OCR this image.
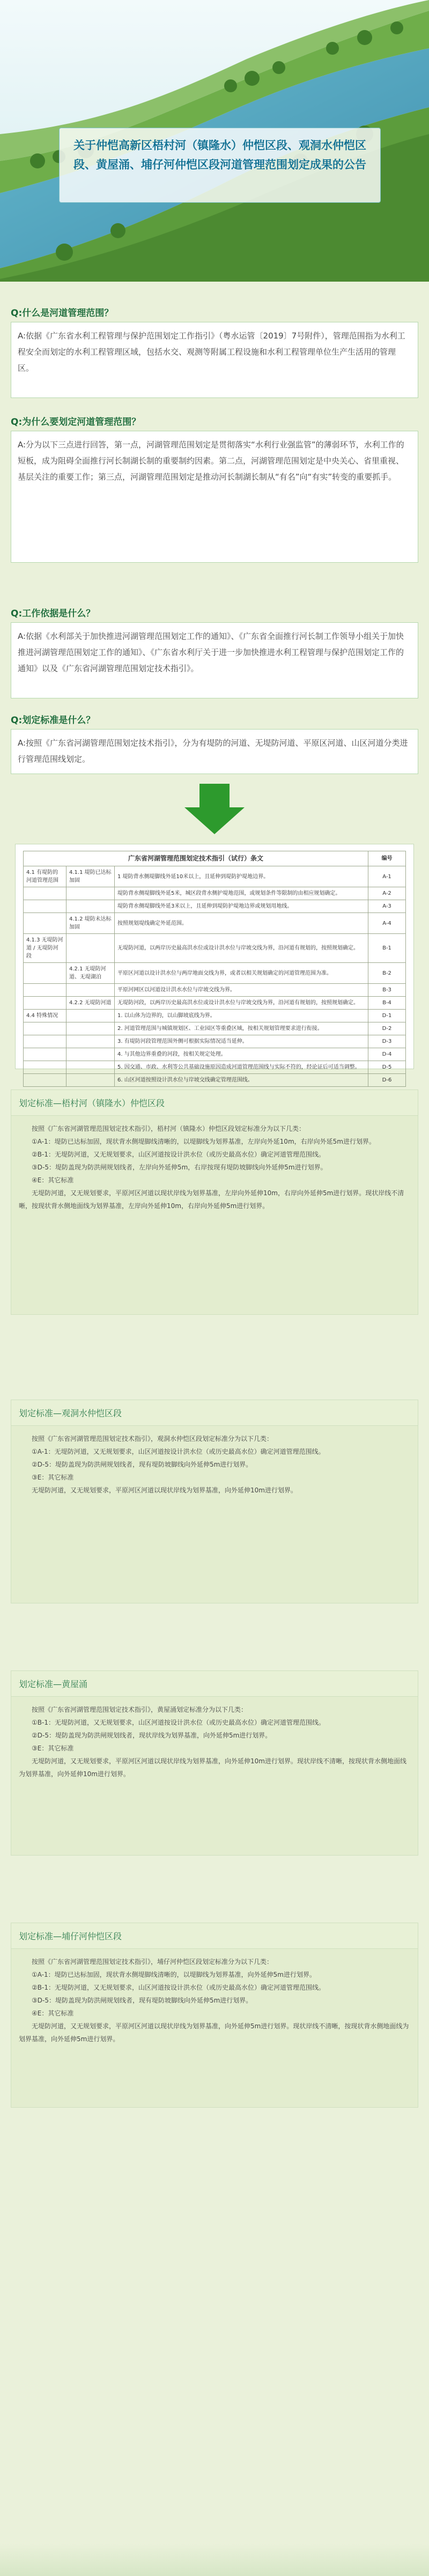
关于仲恺高新区梧村河（镇隆水）仲恺区段、观洞水仲恺区段、黄屋涌、埔仔河仲恺区段河道管理范围划定成果的公告
Q:什么是河道管理范围？
A:依据《广东省水利工程管理与保护范围划定工作指引》（粤水运管〔2019〕7号附件），管理范围指为水利工程安全而划定的水利工程管理区域，包括水交、观测等附属工程设施和水利工程管理单位生产生活用的管理区。
Q:为什么要划定河道管理范围？
A:分为以下三点进行回答，第一点，河湖管理范围划定是贯彻落实“水利行业强监管”的薄弱环节，水利工作的短板，成为阻碍全面推行河长制湖长制的重要制约因素。第二点，河湖管理范围划定是中央关心、省里重视、基层关注的重要工作；第三点，河湖管理范围划定是推动河长制湖长制从“有名”向“有实”转变的重要抓手。
Q:工作依据是什么？
A:依据《水利部关于加快推进河湖管理范围划定工作的通知》、《广东省全面推行河长制工作领导小组关于加快推进河湖管理范围划定工作的通知》、《广东省水利厅关于进一步加快推进水利工程管理与保护范围划定工作的通知》以及《广东省河湖管理范围划定技术指引》。
Q:划定标准是什么？
A:按照《广东省河湖管理范围划定技术指引》，分为有堤防的河道、无堤防河道、平原区河道、山区河道分类进行管理范围线划定。
广东省河湖管理范围划定技术指引（试行）条文			编号
4.1 有堤防的河道管理范围	4.1.1 堤防已达标加固	1 堤防背水侧堤脚线外延10米以上，且延伸到堤防护堤地边界。	A-1
		堤防背水侧堤脚线外延5米，城区段背水侧护堤地范围，或规划条件等限制的由相应规划确定。	A-2
		堤防背水侧堤脚线外延3米以上，且延伸到堤防护堤地边界或规划用地线。	A-3
	4.1.2 堤防未达标加固	按照规划堤线确定外延范围。	A-4
4.1.3 无堤防河道 / 无堤防河段		无堤防河道，以两岸历史最高洪水位或设计洪水位与岸坡交线为界，沿河道有规划的，按照规划确定。	B-1
	4.2.1 无堤防河道、无堤湖泊	平原区河道以设计洪水位与两岸地面交线为界，或者以相关规划确定的河道管理范围为准。	B-2
		平原河网区以河道设计洪水水位与岸坡交线为界。	B-3
	4.2.2 无堤防河道	无堤防河段，以两岸历史最高洪水位或设计洪水位与岸坡交线为界，沿河道有规划的，按照规划确定。	B-4
4.4 特殊情况		1. 以山体为边界的，以山脚坡底线为界。	D-1
		2. 河道管理范围与城镇规划区、工业园区等重叠区域，按相关规划管理要求进行衔接。	D-2
		3. 有堤防河段管理范围外侧可根据实际情况适当延伸。	D-3
		4. 与其他边界重叠的河段，按相关规定处理。	D-4
		5. 因交通、市政、水利等公共基础设施原因造成河道管理范围线与实际不符的，经论证后可适当调整。	D-5
		6. 山区河道按照设计洪水位与岸坡交线确定管理范围线。	D-6
划定标准—梧村河（镇隆水）仲恺区段

按照《广东省河湖管理范围划定技术指引》，梧村河（镇隆水）仲恺区段划定标准分为以下几类：

①A-1：堤防已达标加固，现状背水侧堤脚线清晰的，以堤脚线为划界基准，左岸向外延10m，右岸向外延5m进行划界。

②B-1：无堤防河道，又无规划要求，山区河道按设计洪水位（或历史最高水位）确定河道管理范围线。

③D-5：堤防盖现为防洪闸规划线者，左岸向外延伸5m，右岸按现有堤防坡脚线向外延伸5m进行划界。

④E：其它标准

无堤防河道，又无规划要求，平原河区河道以现状岸线为划界基准，左岸向外延伸10m，右岸向外延伸5m进行划界。现状岸线不清晰，按现状背水侧地面线为划界基准，左岸向外延伸10m，右岸向外延伸5m进行划界。

划定标准—观洞水仲恺区段

按照《广东省河湖管理范围划定技术指引》，观洞水仲恺区段划定标准分为以下几类：

①A-1：无堤防河道，又无规划要求，山区河道按设计洪水位（或历史最高水位）确定河道管理范围线。

②D-5：堤防盖现为防洪闸规划线者，现有堤防坡脚线向外延伸5m进行划界。

③E：其它标准

无堤防河道，又无规划要求，平原河区河道以现状岸线为划界基准，向外延伸10m进行划界。

划定标准—黄屋涌

按照《广东省河湖管理范围划定技术指引》，黄屋涌划定标准分为以下几类：

①B-1：无堤防河道，又无规划要求，山区河道按设计洪水位（或历史最高水位）确定河道管理范围线。

②D-5：堤防盖现为防洪闸规划线者，现状岸线为划界基准，向外延伸5m进行划界。

③E：其它标准

无堤防河道，又无规划要求，平原河区河道以现状岸线为划界基准，向外延伸10m进行划界。现状岸线不清晰，按现状背水侧地面线为划界基准，向外延伸10m进行划界。

划定标准—埔仔河仲恺区段

按照《广东省河湖管理范围划定技术指引》，埔仔河仲恺区段划定标准分为以下几类：

①A-1：堤防已达标加固，现状背水侧堤脚线清晰的，以堤脚线为划界基准，向外延伸5m进行划界。

②B-1：无堤防河道，又无规划要求，山区河道按设计洪水位（或历史最高水位）确定河道管理范围线。

③D-5：堤防盖现为防洪闸规划线者，现有堤防坡脚线向外延伸5m进行划界。

④E：其它标准

无堤防河道，又无规划要求，平原河区河道以现状岸线为划界基准，向外延伸5m进行划界。现状岸线不清晰，按现状背水侧地面线为划界基准，向外延伸5m进行划界。
